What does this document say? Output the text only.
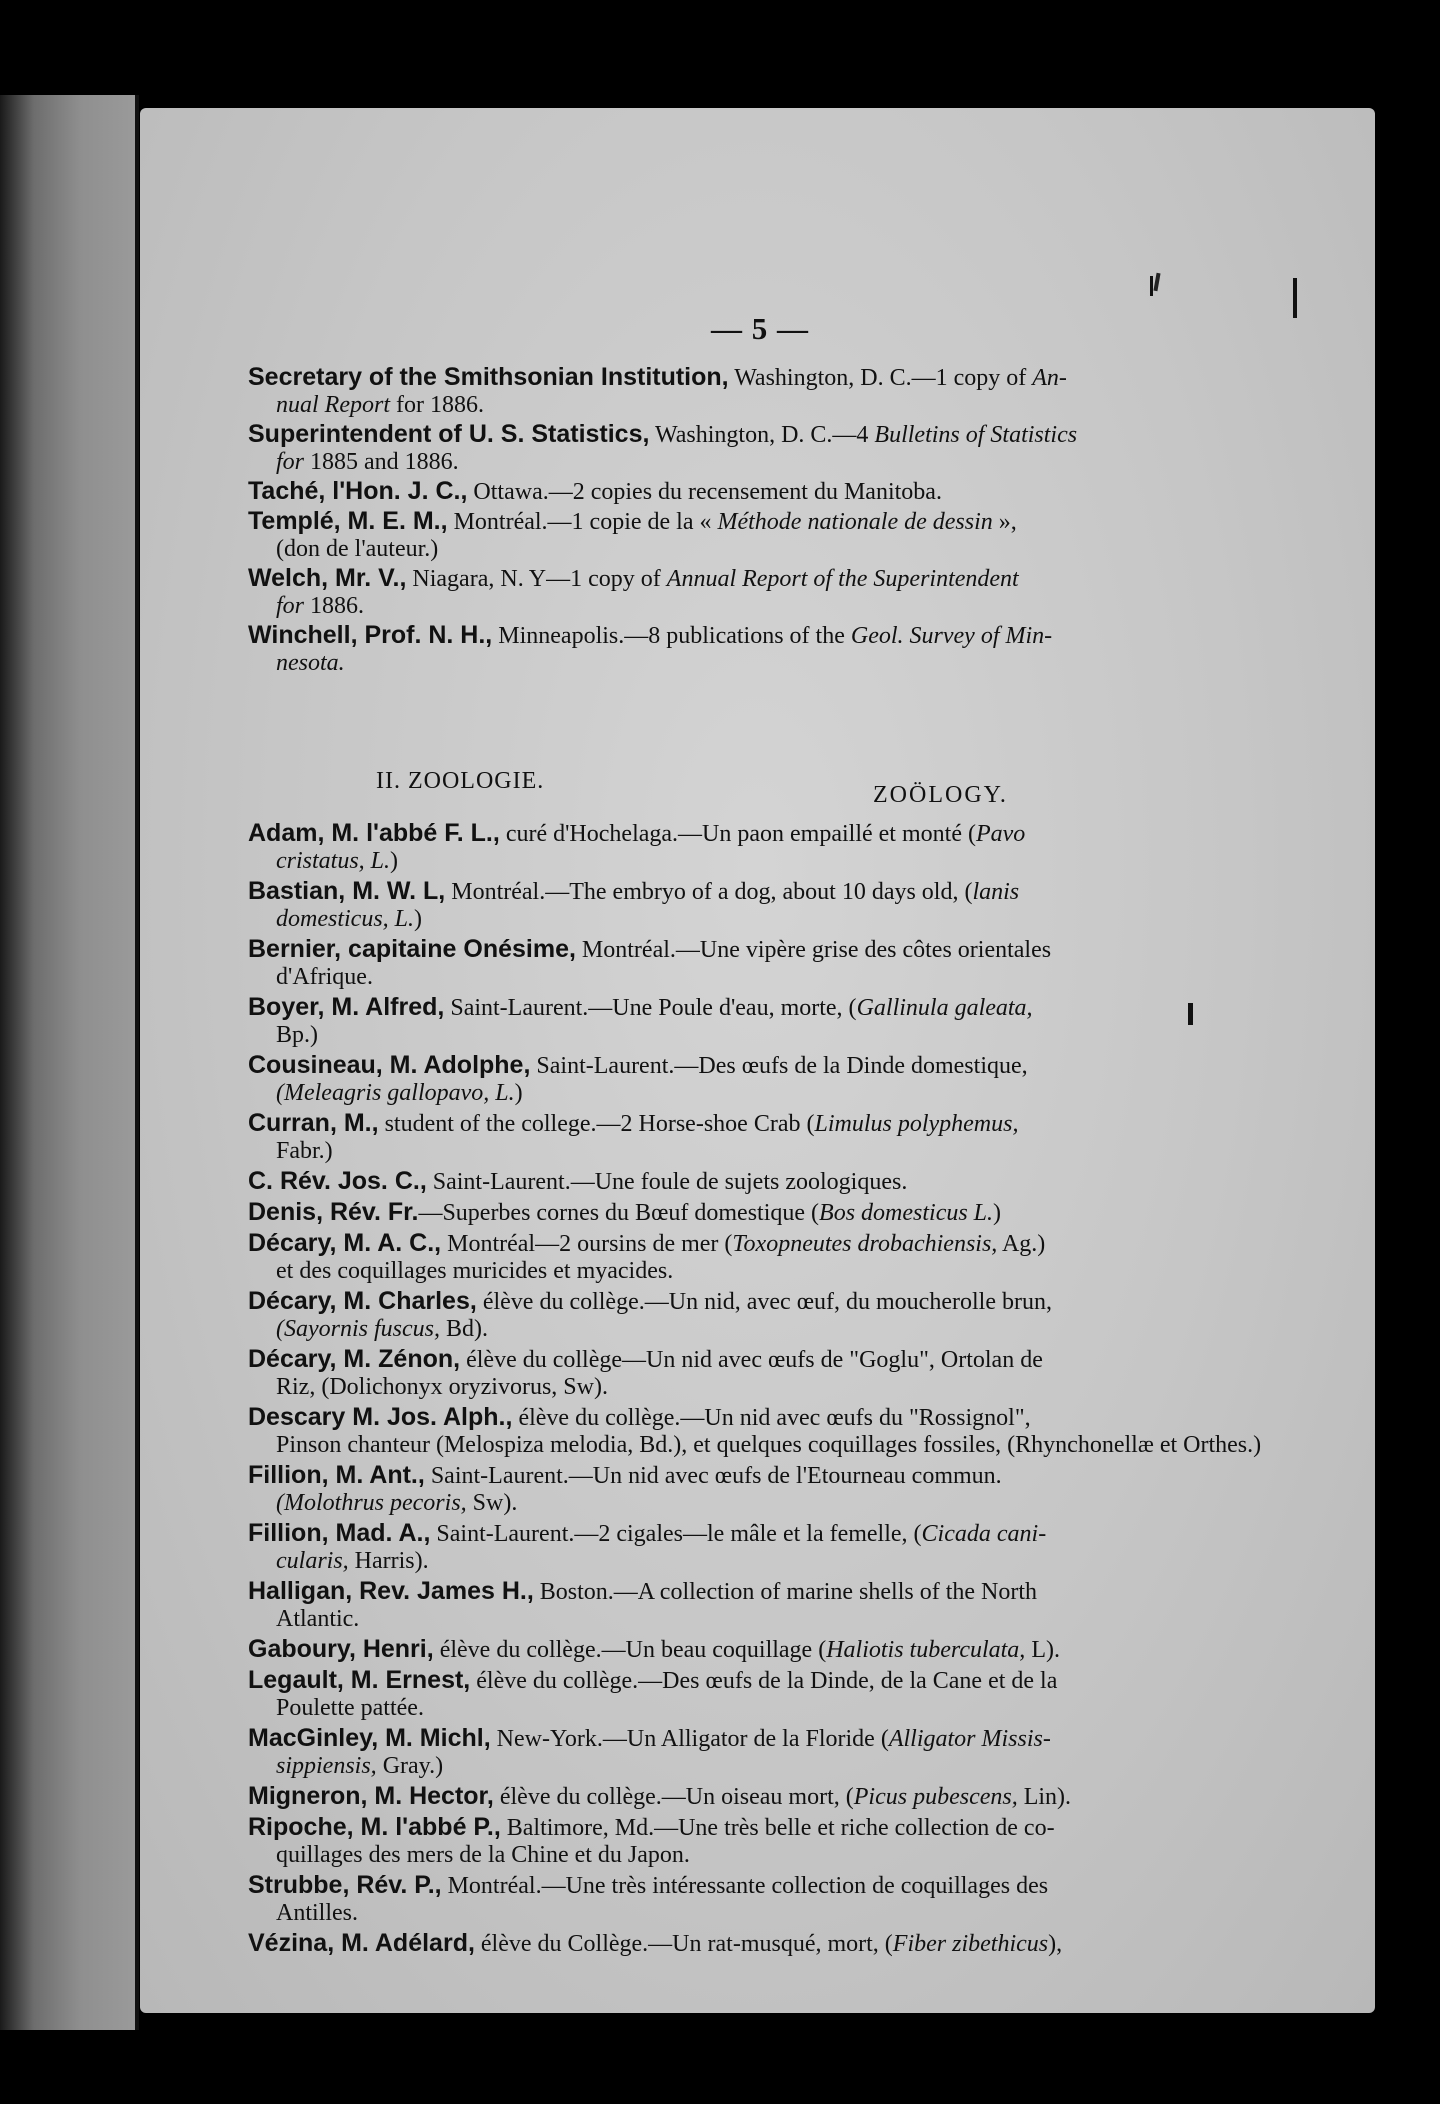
— 5 —
Secretary of the Smithsonian Institution, Washington, D. C.—1 copy of An-
nual Report for 1886.
Superintendent of U. S. Statistics, Washington, D. C.—4 Bulletins of Statistics
for 1885 and 1886.
Taché, l'Hon. J. C., Ottawa.—2 copies du recensement du Manitoba.
Templé, M. E. M., Montréal.—1 copie de la « Méthode nationale de dessin »,
(don de l'auteur.)
Welch, Mr. V., Niagara, N. Y—1 copy of Annual Report of the Superintendent
for 1886.
Winchell, Prof. N. H., Minneapolis.—8 publications of the Geol. Survey of Min-
nesota.
II. ZOOLOGIE.
ZOÖLOGY.
Adam, M. l'abbé F. L., curé d'Hochelaga.—Un paon empaillé et monté (Pavo
cristatus, L.)
Bastian, M. W. L, Montréal.—The embryo of a dog, about 10 days old, (lanis
domesticus, L.)
Bernier, capitaine Onésime, Montréal.—Une vipère grise des côtes orientales
d'Afrique.
Boyer, M. Alfred, Saint-Laurent.—Une Poule d'eau, morte, (Gallinula galeata,
Bp.)
Cousineau, M. Adolphe, Saint-Laurent.—Des œufs de la Dinde domestique,
(Meleagris gallopavo, L.)
Curran, M., student of the college.—2 Horse-shoe Crab (Limulus polyphemus,
Fabr.)
C. Rév. Jos. C., Saint-Laurent.—Une foule de sujets zoologiques.
Denis, Rév. Fr.—Superbes cornes du Bœuf domestique (Bos domesticus L.)
Décary, M. A. C., Montréal—2 oursins de mer (Toxopneutes drobachiensis, Ag.)
et des coquillages muricides et myacides.
Décary, M. Charles, élève du collège.—Un nid, avec œuf, du moucherolle brun,
(Sayornis fuscus, Bd).
Décary, M. Zénon, élève du collège—Un nid avec œufs de "Goglu", Ortolan de
Riz, (Dolichonyx oryzivorus, Sw).
Descary M. Jos. Alph., élève du collège.—Un nid avec œufs du "Rossignol",
Pinson chanteur (Melospiza melodia, Bd.), et quelques coquillages fossiles, (Rhynchonellæ et Orthes.)
Fillion, M. Ant., Saint-Laurent.—Un nid avec œufs de l'Etourneau commun.
(Molothrus pecoris, Sw).
Fillion, Mad. A., Saint-Laurent.—2 cigales—le mâle et la femelle, (Cicada cani-
cularis, Harris).
Halligan, Rev. James H., Boston.—A collection of marine shells of the North
Atlantic.
Gaboury, Henri, élève du collège.—Un beau coquillage (Haliotis tuberculata, L).
Legault, M. Ernest, élève du collège.—Des œufs de la Dinde, de la Cane et de la
Poulette pattée.
MacGinley, M. Michl, New-York.—Un Alligator de la Floride (Alligator Missis-
sippiensis, Gray.)
Migneron, M. Hector, élève du collège.—Un oiseau mort, (Picus pubescens, Lin).
Ripoche, M. l'abbé P., Baltimore, Md.—Une très belle et riche collection de co-
quillages des mers de la Chine et du Japon.
Strubbe, Rév. P., Montréal.—Une très intéressante collection de coquillages des
Antilles.
Vézina, M. Adélard, élève du Collège.—Un rat-musqué, mort, (Fiber zibethicus),
